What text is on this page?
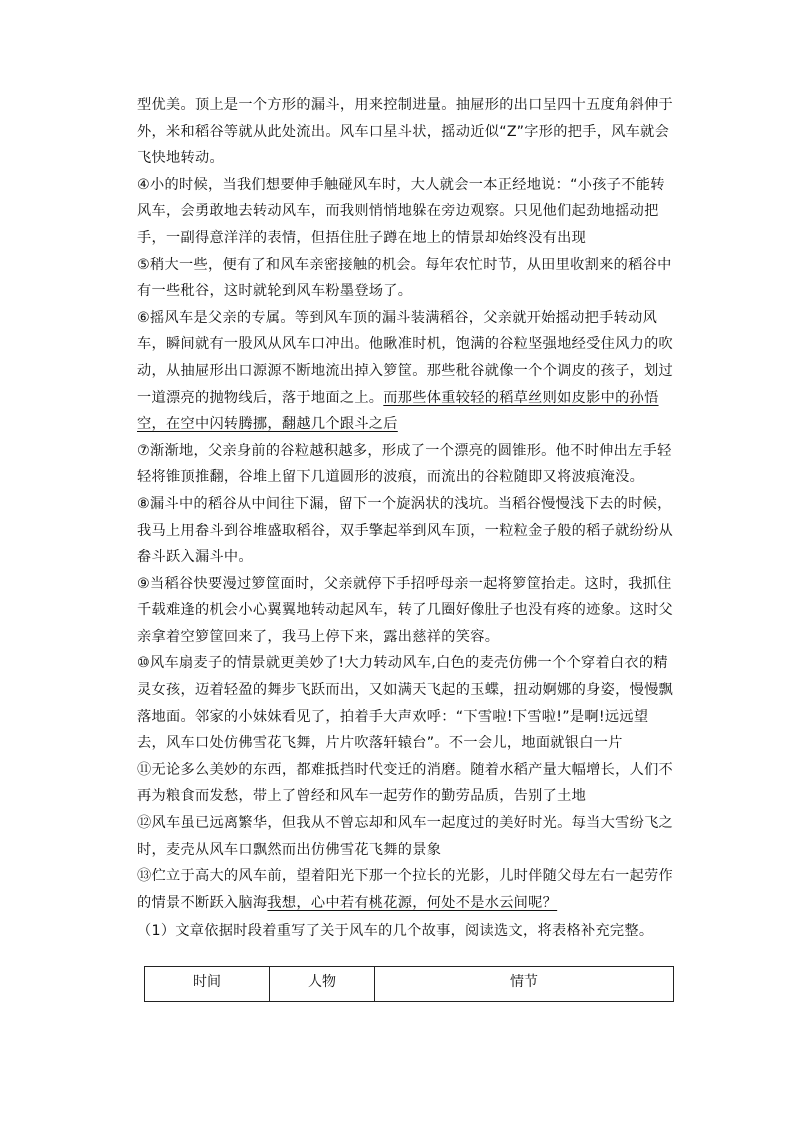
型优美。顶上是一个方形的漏斗，用来控制进量。抽屉形的出口呈四十五度角斜伸于外，米和稻谷等就从此处流出。风车口星斗状，摇动近似“Z”字形的把手，风车就会飞快地转动。

④小的时候，当我们想要伸手触碰风车时，大人就会一本正经地说：“小孩子不能转风车，会勇敢地去转动风车，而我则悄悄地躲在旁边观察。只见他们起劲地摇动把手，一副得意洋洋的表情，但捂住肚子蹲在地上的情景却始终没有出现

⑤稍大一些，便有了和风车亲密接触的机会。每年农忙时节，从田里收割来的稻谷中有一些秕谷，这时就轮到风车粉墨登场了。

⑥摇风车是父亲的专属。等到风车顶的漏斗装满稻谷，父亲就开始摇动把手转动风车，瞬间就有一股风从风车口冲出。他瞅准时机，饱满的谷粒坚强地经受住风力的吹动，从抽屉形出口源源不断地流出掉入箩筐。那些秕谷就像一个个调皮的孩子，划过一道漂亮的抛物线后，落于地面之上。而那些体重较轻的稻草丝则如皮影中的孙悟空，在空中闪转腾挪，翻越几个跟斗之后

⑦渐渐地，父亲身前的谷粒越积越多，形成了一个漂亮的圆锥形。他不时伸出左手轻轻将锥顶推翻，谷堆上留下几道圆形的波痕，而流出的谷粒随即又将波痕淹没。

⑧漏斗中的稻谷从中间往下漏，留下一个旋涡状的浅坑。当稻谷慢慢浅下去的时候，我马上用畚斗到谷堆盛取稻谷，双手擎起举到风车顶，一粒粒金子般的稻子就纷纷从畚斗跃入漏斗中。

⑨当稻谷快要漫过箩筐面时，父亲就停下手招呼母亲一起将箩筐抬走。这时，我抓住千载难逢的机会小心翼翼地转动起风车，转了几圈好像肚子也没有疼的迹象。这时父亲拿着空箩筐回来了，我马上停下来，露出慈祥的笑容。

⑩风车扇麦子的情景就更美妙了!大力转动风车,白色的麦壳仿佛一个个穿着白衣的精灵女孩，迈着轻盈的舞步飞跃而出，又如满天飞起的玉蝶，扭动婀娜的身姿，慢慢飘落地面。邻家的小妹妹看见了，拍着手大声欢呼：“下雪啦!下雪啦!”是啊!远远望去，风车口处仿佛雪花飞舞，片片吹落轩辕台”。不一会儿，地面就银白一片

⑪无论多么美妙的东西，都难抵挡时代变迁的消磨。随着水稻产量大幅增长，人们不再为粮食而发愁，带上了曾经和风车一起劳作的勤劳品质，告别了土地

⑫风车虽已远离繁华，但我从不曾忘却和风车一起度过的美好时光。每当大雪纷飞之时，麦壳从风车口飘然而出仿佛雪花飞舞的景象

⑬伫立于高大的风车前，望着阳光下那一个拉长的光影，儿时伴随父母左右一起劳作的情景不断跃入脑海我想，心中若有桃花源，何处不是水云间呢？

（1）文章依据时段着重写了关于风车的几个故事，阅读选文，将表格补充完整。

时间	人物	情节
